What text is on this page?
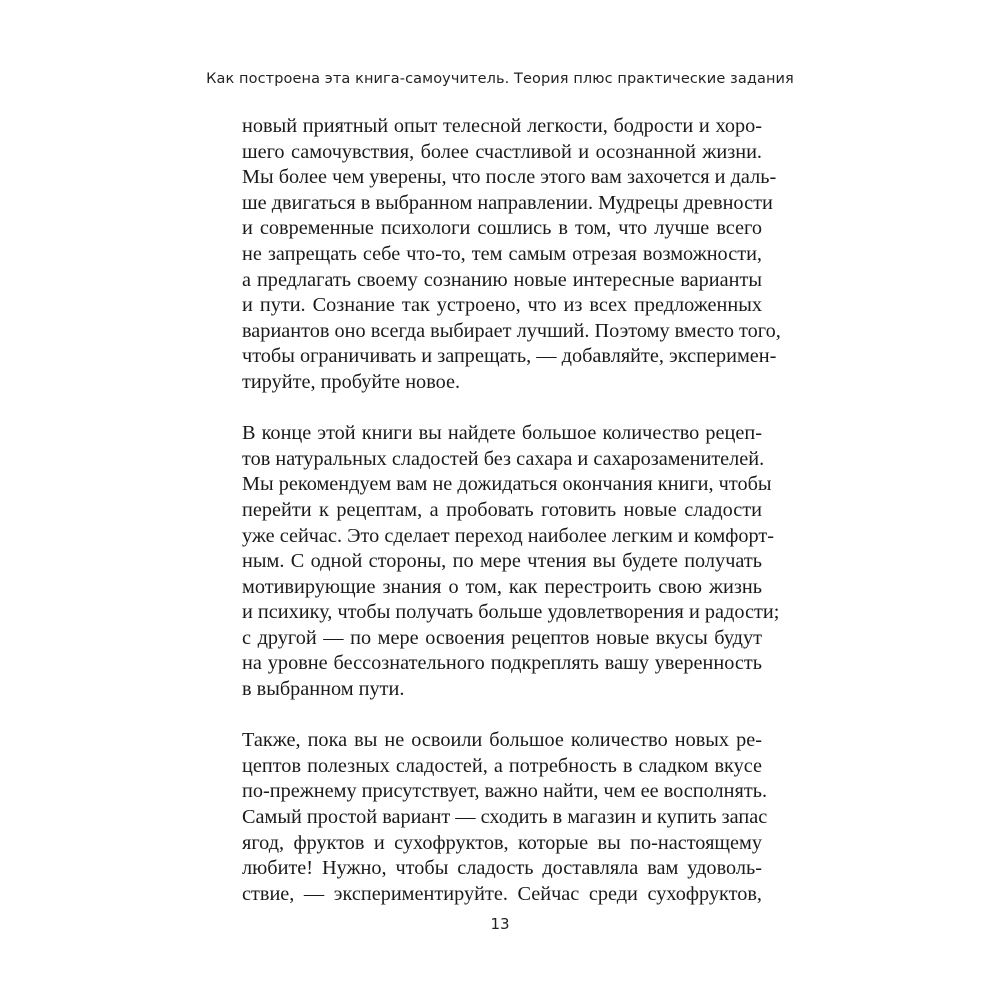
Как построена эта книга-самоучитель. Теория плюс практические задания

новый приятный опыт телесной легкости, бодрости и хоро-
шего самочувствия, более счастливой и осознанной жизни.
Мы более чем уверены, что после этого вам захочется и даль-
ше двигаться в выбранном направлении. Мудрецы древности
и современные психологи сошлись в том, что лучше всего
не запрещать себе что-то, тем самым отрезая возможности,
а предлагать своему сознанию новые интересные варианты
и пути. Сознание так устроено, что из всех предложенных
вариантов оно всегда выбирает лучший. Поэтому вместо того,
чтобы ограничивать и запрещать, — добавляйте, эксперимен-
тируйте, пробуйте новое.

В конце этой книги вы найдете большое количество рецеп-
тов натуральных сладостей без сахара и сахарозаменителей.
Мы рекомендуем вам не дожидаться окончания книги, чтобы
перейти к рецептам, а пробовать готовить новые сладости
уже сейчас. Это сделает переход наиболее легким и комфорт-
ным. С одной стороны, по мере чтения вы будете получать
мотивирующие знания о том, как перестроить свою жизнь
и психику, чтобы получать больше удовлетворения и радости;
с другой — по мере освоения рецептов новые вкусы будут
на уровне бессознательного подкреплять вашу уверенность
в выбранном пути.

Также, пока вы не освоили большое количество новых ре-
цептов полезных сладостей, а потребность в сладком вкусе
по-прежнему присутствует, важно найти, чем ее восполнять.
Самый простой вариант — сходить в магазин и купить запас
ягод, фруктов и сухофруктов, которые вы по-настоящему
любите! Нужно, чтобы сладость доставляла вам удоволь-
ствие, — экспериментируйте. Сейчас среди сухофруктов,

13
